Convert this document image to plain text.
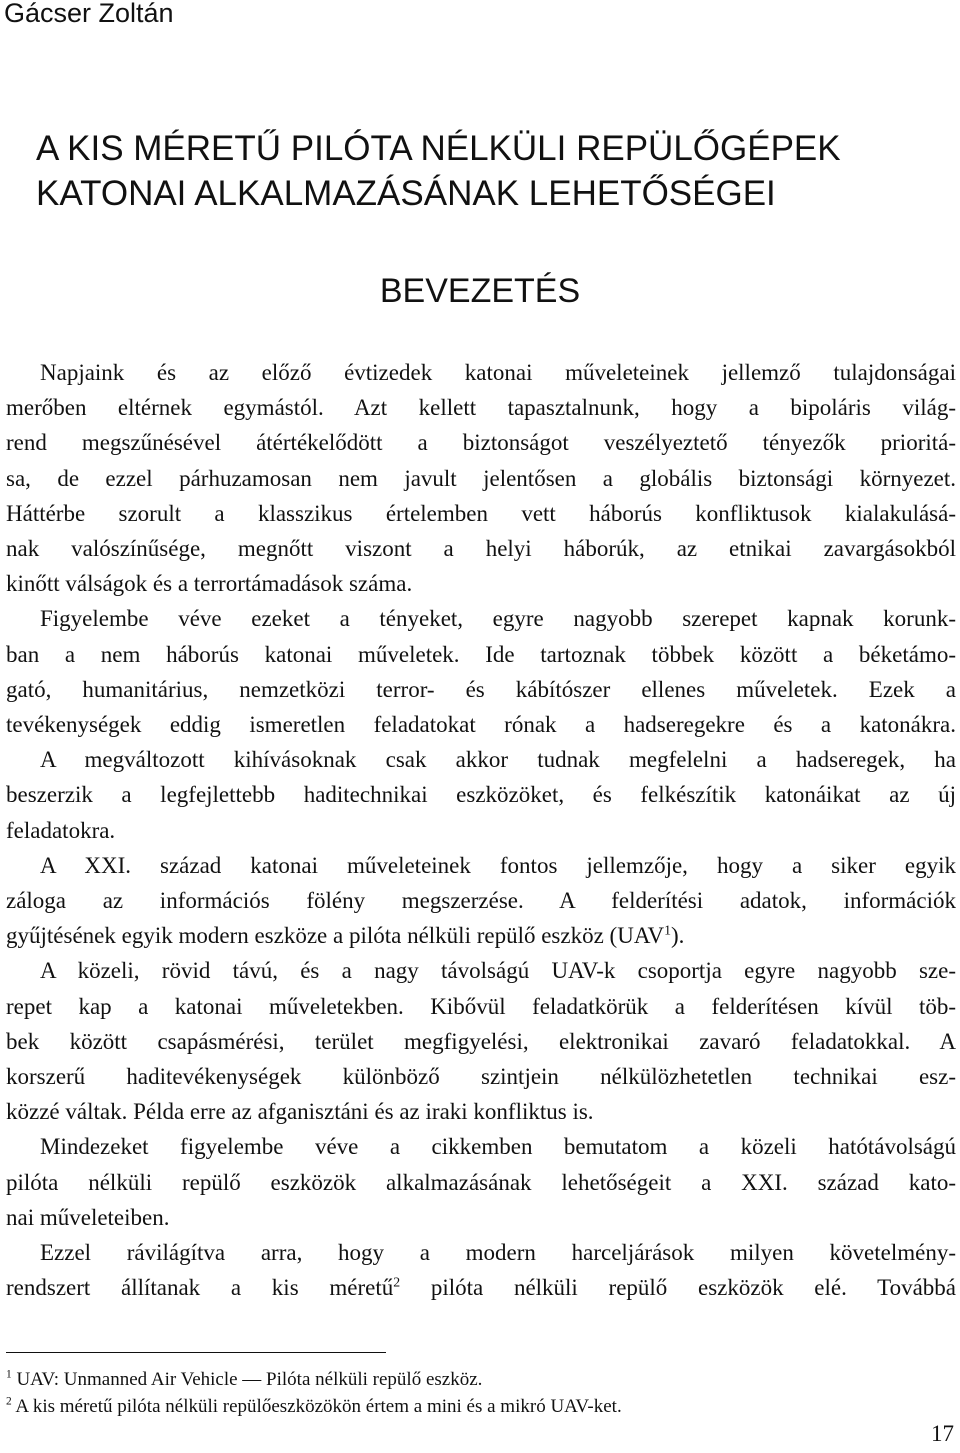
Gácser Zoltán
A KIS MÉRETŰ PILÓTA NÉLKÜLI REPÜLŐGÉPEK
KATONAI ALKALMAZÁSÁNAK LEHETŐSÉGEI
BEVEZETÉS

Napjaink és az előző évtizedek katonai műveleteinek jellemző tulajdonságai
merőben eltérnek egymástól. Azt kellett tapasztalnunk, hogy a bipoláris világ-
rend megszűnésével átértékelődött a biztonságot veszélyeztető tényezők prioritá-
sa, de ezzel párhuzamosan nem javult jelentősen a globális biztonsági környezet.
Háttérbe szorult a klasszikus értelemben vett háborús konfliktusok kialakulásá-
nak valószínűsége, megnőtt viszont a helyi háborúk, az etnikai zavargásokból

kinőtt válságok és a terrortámadások száma.

Figyelembe véve ezeket a tényeket, egyre nagyobb szerepet kapnak korunk-
ban a nem háborús katonai műveletek. Ide tartoznak többek között a béketámo-
gató, humanitárius, nemzetközi terror- és kábítószer ellenes műveletek. Ezek a
tevékenységek eddig ismeretlen feladatokat rónak a hadseregekre és a katonákra.

A megváltozott kihívásoknak csak akkor tudnak megfelelni a hadseregek, ha
beszerzik a legfejlettebb haditechnikai eszközöket, és felkészítik katonáikat az új

feladatokra.

A XXI. század katonai műveleteinek fontos jellemzője, hogy a siker egyik
záloga az információs fölény megszerzése. A felderítési adatok, információk

gyűjtésének egyik modern eszköze a pilóta nélküli repülő eszköz (UAV$^1$).

A közeli, rövid távú, és a nagy távolságú UAV-k csoportja egyre nagyobb sze-
repet kap a katonai műveletekben. Kibővül feladatkörük a felderítésen kívül töb-
bek között csapásmérési, terület megfigyelési, elektronikai zavaró feladatokkal. A
korszerű haditevékenységek különböző szintjein nélkülözhetetlen technikai esz-

közzé váltak. Példa erre az afganisztáni és az iraki konfliktus is.

Mindezeket figyelembe véve a cikkemben bemutatom a közeli hatótávolságú
pilóta nélküli repülő eszközök alkalmazásának lehetőségeit a XXI. század kato-

nai műveleteiben.

Ezzel rávilágítva arra, hogy a modern harceljárások milyen követelmény-
rendszert állítanak a kis méretű$^2$ pilóta nélküli repülő eszközök elé. Továbbá

$^1$ UAV: Unmanned Air Vehicle — Pilóta nélküli repülő eszköz.
$^2$ A kis méretű pilóta nélküli repülőeszközökön értem a mini és a mikró UAV-ket.
17
